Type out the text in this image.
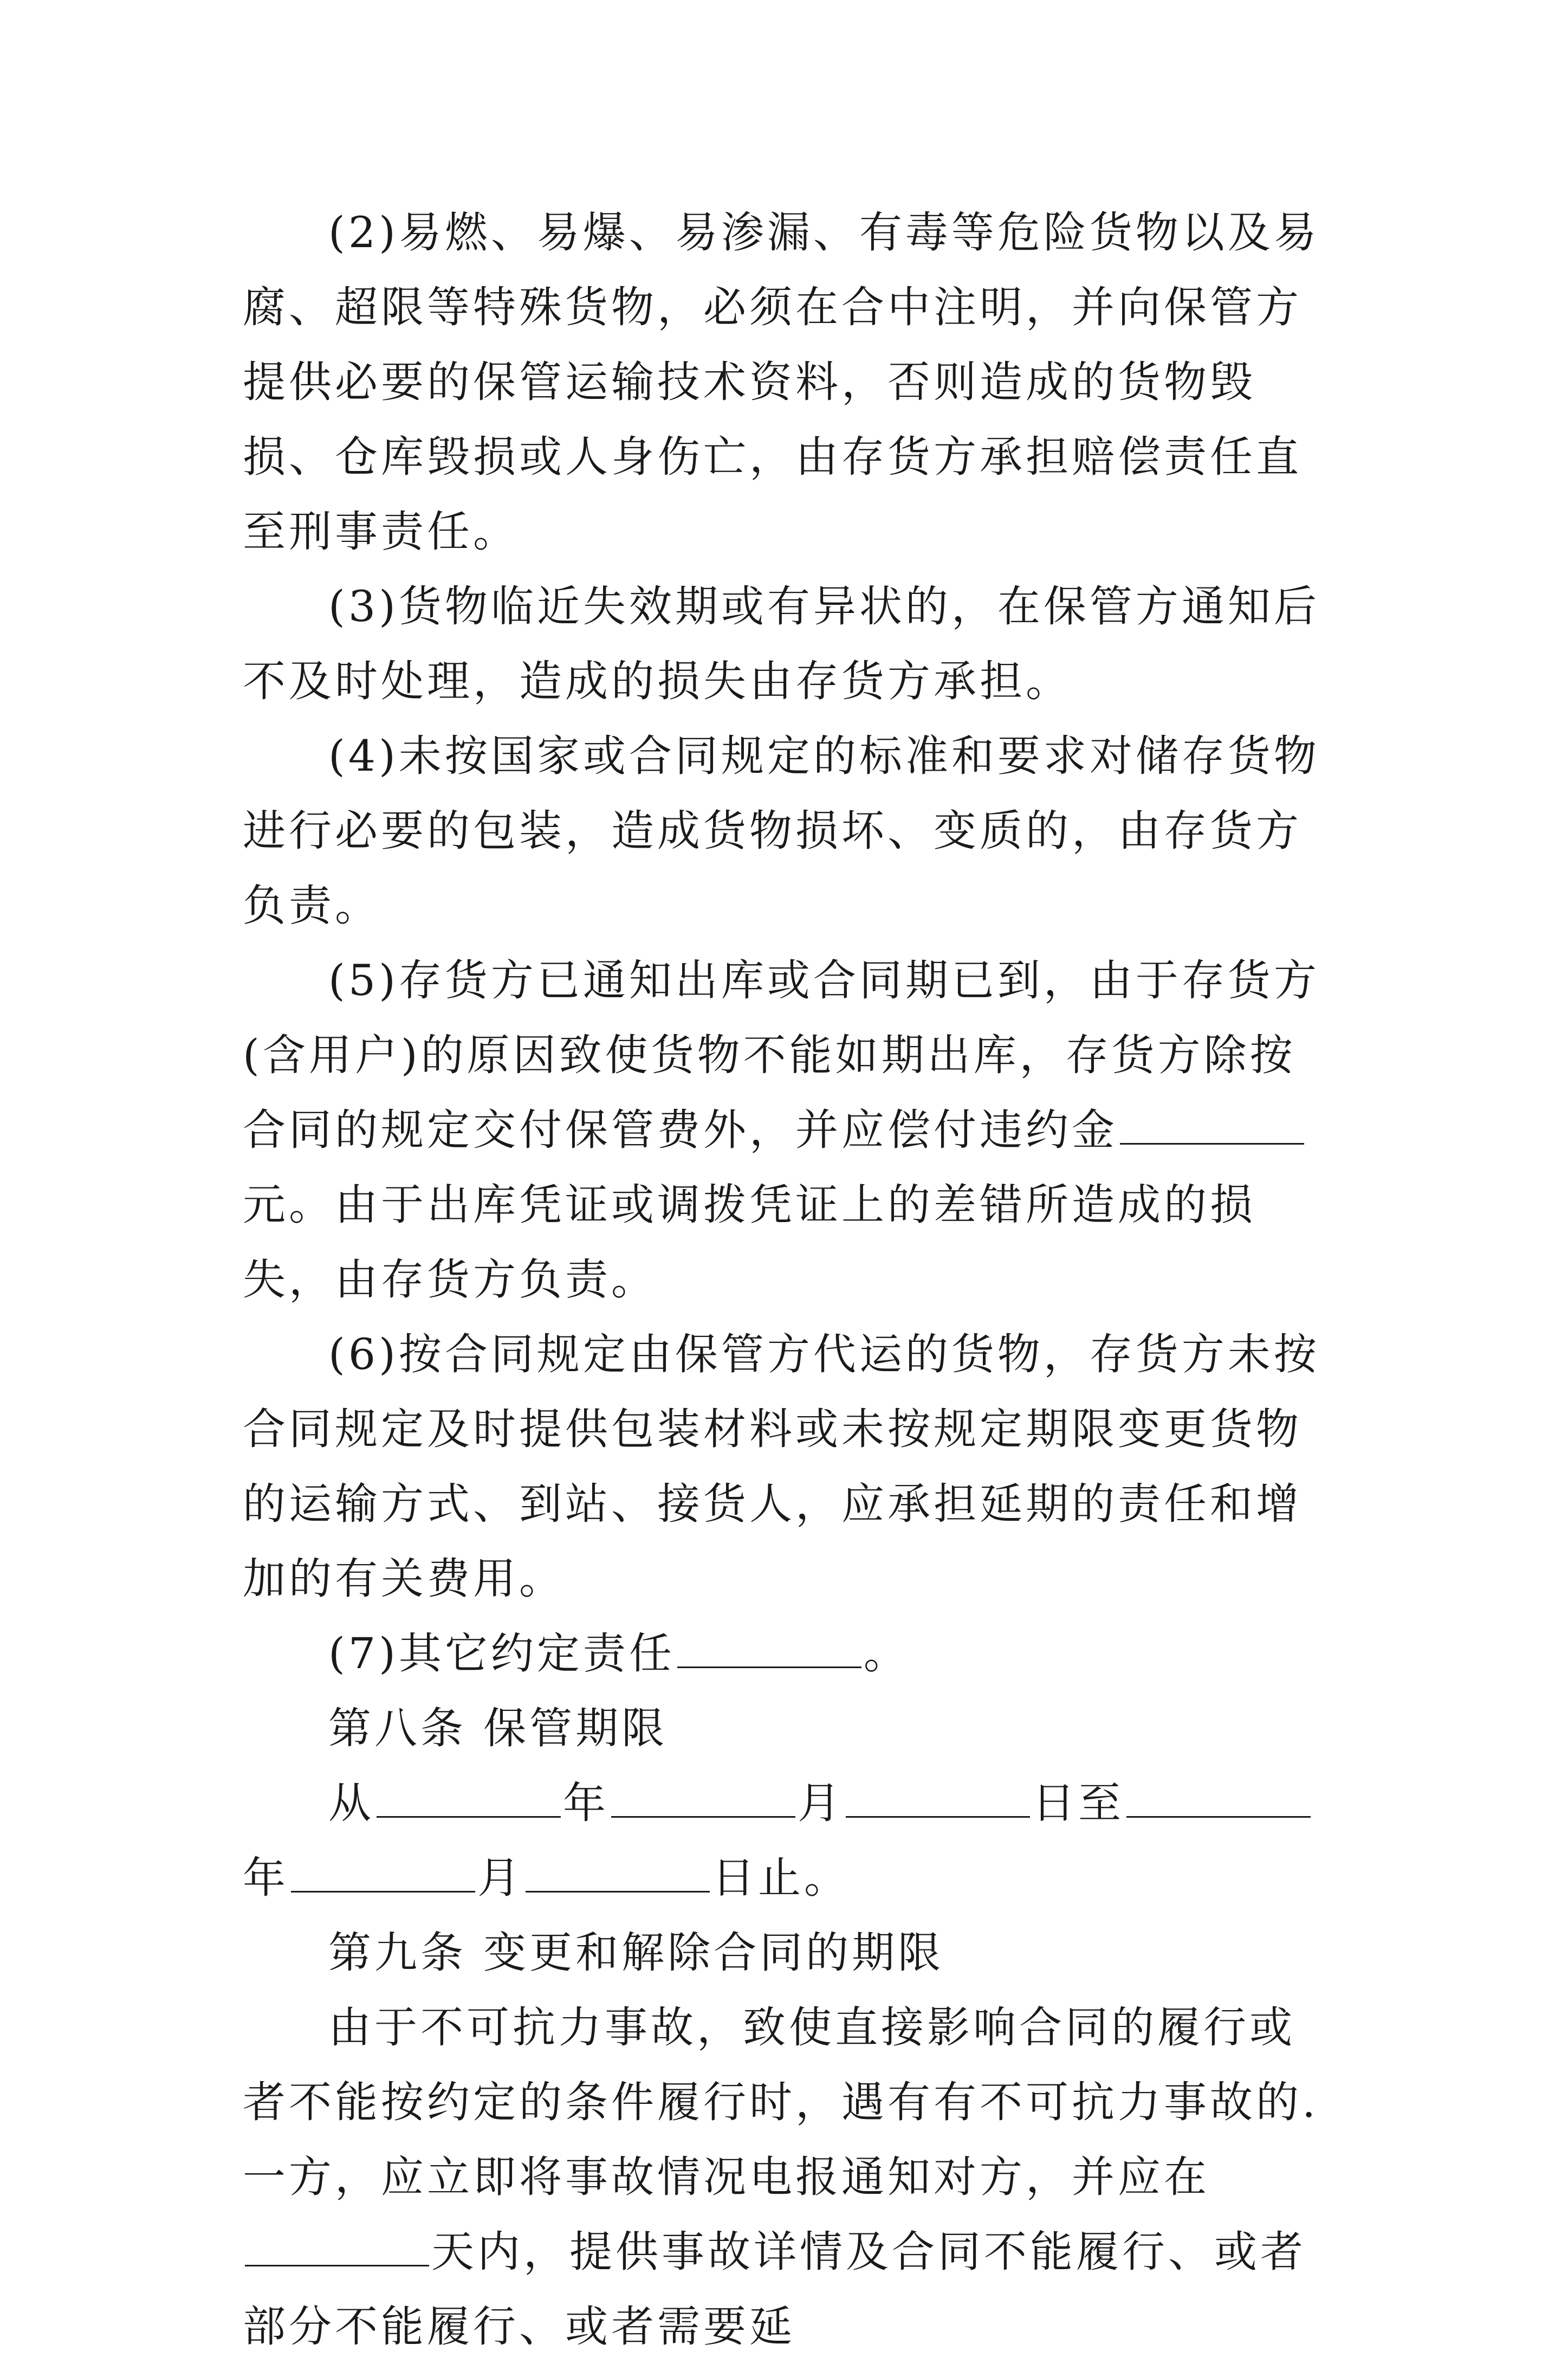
(2)易燃、易爆、易渗漏、有毒等危险货物以及易腐、超限等特殊货物，必须在合中注明，并向保管方提供必要的保管运输技术资料，否则造成的货物毁损、仓库毁损或人身伤亡，由存货方承担赔偿责任直至刑事责任。

(3)货物临近失效期或有异状的，在保管方通知后不及时处理，造成的损失由存货方承担。

(4)未按国家或合同规定的标准和要求对储存货物进行必要的包装，造成货物损坏、变质的，由存货方负责。

(5)存货方已通知出库或合同期已到，由于存货方(含用户)的原因致使货物不能如期出库，存货方除按合同的规定交付保管费外，并应偿付违约金元。由于出库凭证或调拨凭证上的差错所造成的损失，由存货方负责。

(6)按合同规定由保管方代运的货物，存货方未按合同规定及时提供包装材料或未按规定期限变更货物的运输方式、到站、接货人，应承担延期的责任和增加的有关费用。

(7)其它约定责任	。

第八条 保管期限

从	年	月	日至年	月	日止。

第九条 变更和解除合同的期限

由于不可抗力事故，致使直接影响合同的履行或者不能按约定的条件履行时，遇有有不可抗力事故的.一方，应立即将事故情况电报通知对方，并应在天内，提供事故详情及合同不能履行、或者部分不能履行、或者需要延
